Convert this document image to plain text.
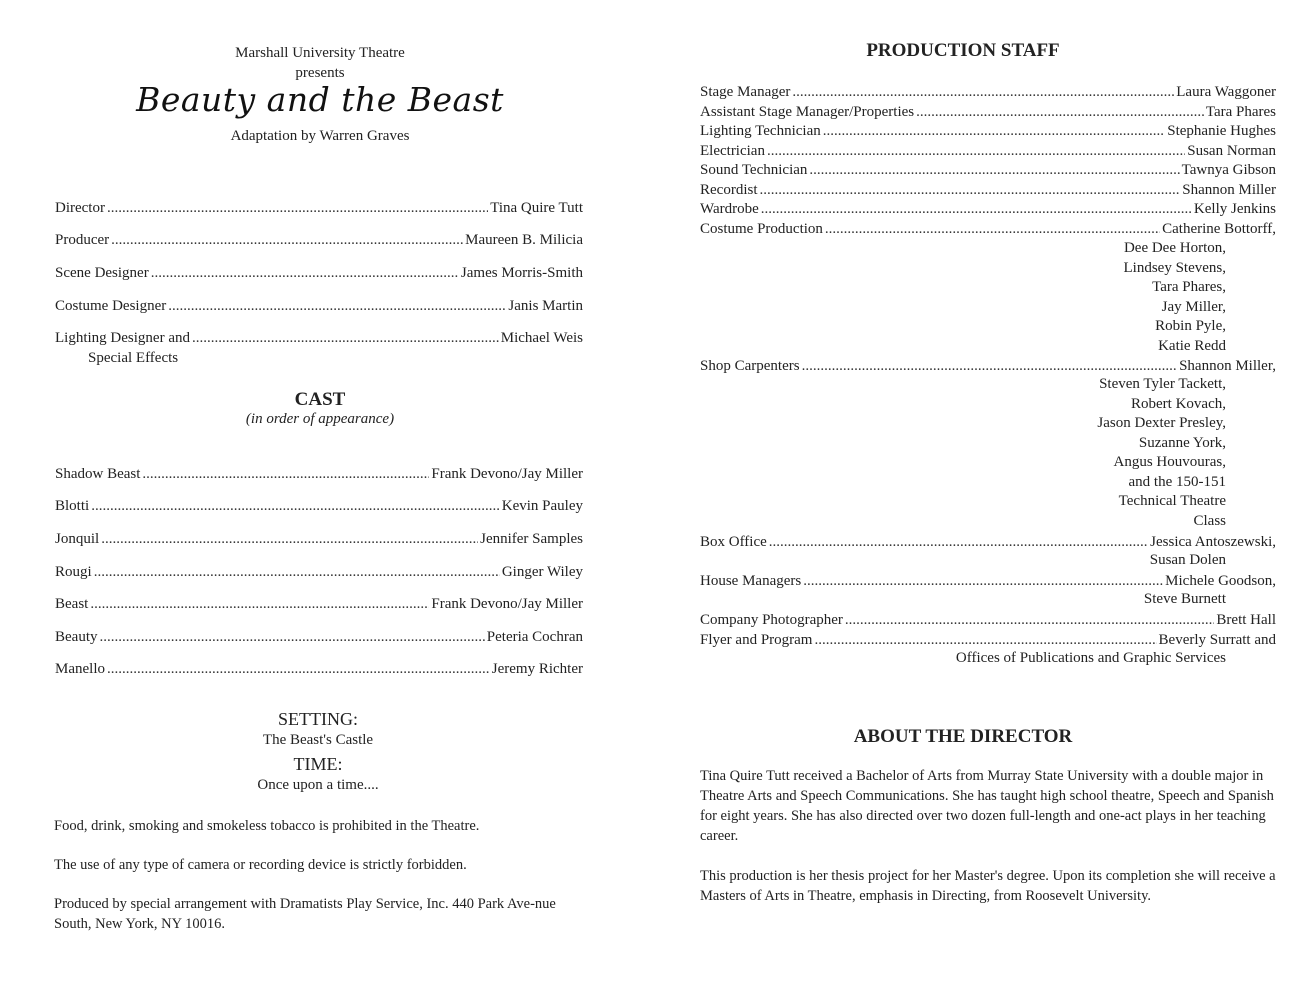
Marshall University Theatre
presents
Beauty and the Beast
Adaptation by Warren Graves
Director .....	Tina Quire Tutt
Producer .....	Maureen B. Milicia
Scene Designer .....	James Morris-Smith
Costume Designer .....	Janis Martin
Lighting Designer and .....	Michael Weis
Special Effects
CAST
(in order of appearance)
Shadow Beast .....	Frank Devono/Jay Miller
Blotti .....	Kevin Pauley
Jonquil .....	Jennifer Samples
Rougi .....	Ginger Wiley
Beast .....	Frank Devono/Jay Miller
Beauty .....	Peteria Cochran
Manello .....	Jeremy Richter
SETTING:
The Beast's Castle
TIME:
Once upon a time....
Food, drink, smoking and smokeless tobacco is prohibited in the Theatre.
The use of any type of camera or recording device is strictly forbidden.
Produced by special arrangement with Dramatists Play Service, Inc. 440 Park Ave-nue South, New York, NY 10016.
PRODUCTION STAFF
Stage Manager .....	Laura Waggoner
Assistant Stage Manager/Properties .....	Tara Phares
Lighting Technician .....	Stephanie Hughes
Electrician .....	Susan Norman
Sound Technician .....	Tawnya Gibson
Recordist .....	Shannon Miller
Wardrobe .....	Kelly Jenkins
Costume Production .....	Catherine Bottorff,
Dee Dee Horton,
Lindsey Stevens,
Tara Phares,
Jay Miller,
Robin Pyle,
Katie Redd
Shop Carpenters .....	Shannon Miller,
Steven Tyler Tackett,
Robert Kovach,
Jason Dexter Presley,
Suzanne York,
Angus Houvouras,
and the 150-151
Technical Theatre
Class
Box Office .....	Jessica Antoszewski,
Susan Dolen
House Managers .....	Michele Goodson,
Steve Burnett
Company Photographer .....	Brett Hall
Flyer and Program .....	Beverly Surratt and
Offices of Publications and Graphic Services
ABOUT THE DIRECTOR
Tina Quire Tutt received a Bachelor of Arts from Murray State University with a double major in Theatre Arts and Speech Communications. She has taught high school theatre, Speech and Spanish for eight years. She has also directed over two dozen full-length and one-act plays in her teaching career.
This production is her thesis project for her Master's degree. Upon its completion she will receive a Masters of Arts in Theatre, emphasis in Directing, from Roosevelt University.
